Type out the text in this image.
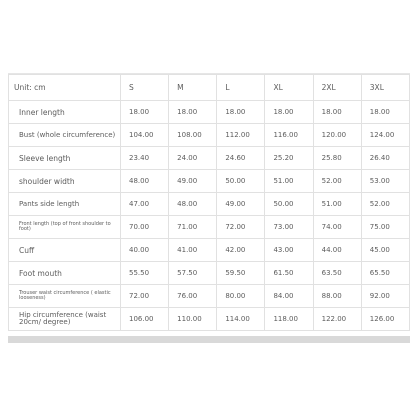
Unit: cm	S	M	L	XL	2XL	3XL
Inner length	18.00	18.00	18.00	18.00	18.00	18.00
Bust (whole circumference)	104.00	108.00	112.00	116.00	120.00	124.00
Sleeve length	23.40	24.00	24.60	25.20	25.80	26.40
shoulder width	48.00	49.00	50.00	51.00	52.00	53.00
Pants side length	47.00	48.00	49.00	50.00	51.00	52.00
Front length (top of front shoulder to foot)	70.00	71.00	72.00	73.00	74.00	75.00
Cuff	40.00	41.00	42.00	43.00	44.00	45.00
Foot mouth	55.50	57.50	59.50	61.50	63.50	65.50
Trouser waist circumference ( elastic looseness)	72.00	76.00	80.00	84.00	88.00	92.00
Hip circumference (waist 20cm/ degree)	106.00	110.00	114.00	118.00	122.00	126.00
